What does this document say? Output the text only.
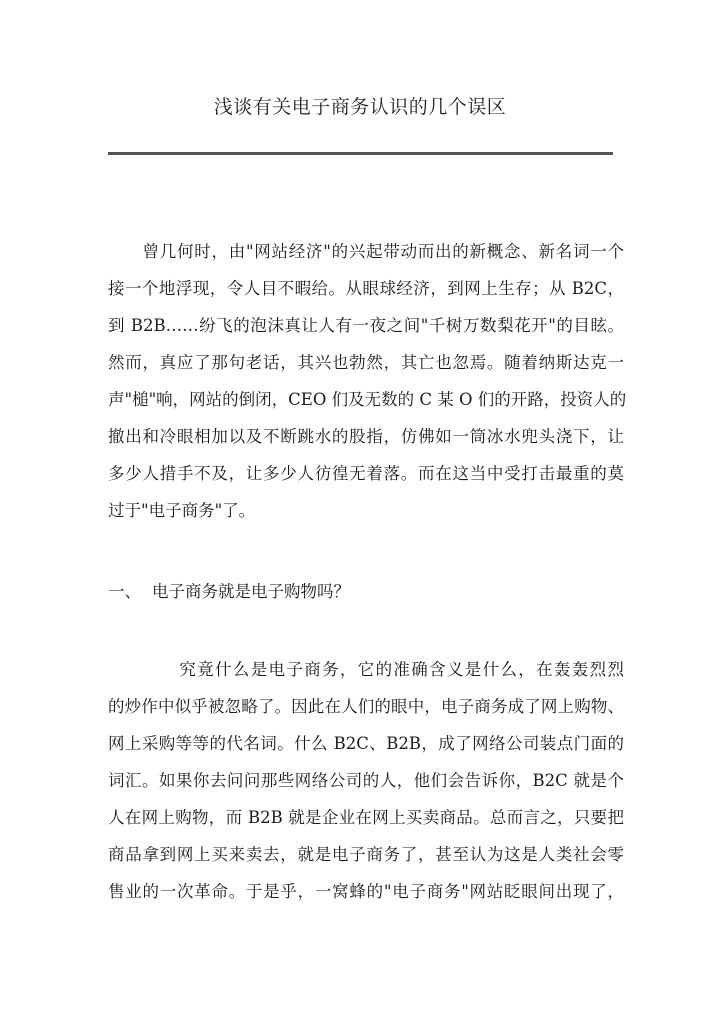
浅谈有关电子商务认识的几个误区
　　曾几何时，由"网站经济"的兴起带动而出的新概念、新名词一个
接一个地浮现，令人目不暇给。从眼球经济，到网上生存；从 B2C，
到 B2B……纷飞的泡沫真让人有一夜之间"千树万数梨花开"的目眩。
然而，真应了那句老话，其兴也勃然，其亡也忽焉。随着纳斯达克一
声"槌"响，网站的倒闭，CEO 们及无数的 C 某 O 们的开路，投资人的
撤出和冷眼相加以及不断跳水的股指，仿佛如一筒冰水兜头浇下，让
多少人措手不及，让多少人彷徨无着落。而在这当中受打击最重的莫
过于"电子商务"了。
一、 电子商务就是电子购物吗？
　　　　究竟什么是电子商务，它的准确含义是什么，在轰轰烈烈
的炒作中似乎被忽略了。因此在人们的眼中，电子商务成了网上购物、
网上采购等等的代名词。什么 B2C、B2B，成了网络公司装点门面的
词汇。如果你去问问那些网络公司的人，他们会告诉你，B2C 就是个
人在网上购物，而 B2B 就是企业在网上买卖商品。总而言之，只要把
商品拿到网上买来卖去，就是电子商务了，甚至认为这是人类社会零
售业的一次革命。于是乎，一窝蜂的"电子商务"网站眨眼间出现了，
